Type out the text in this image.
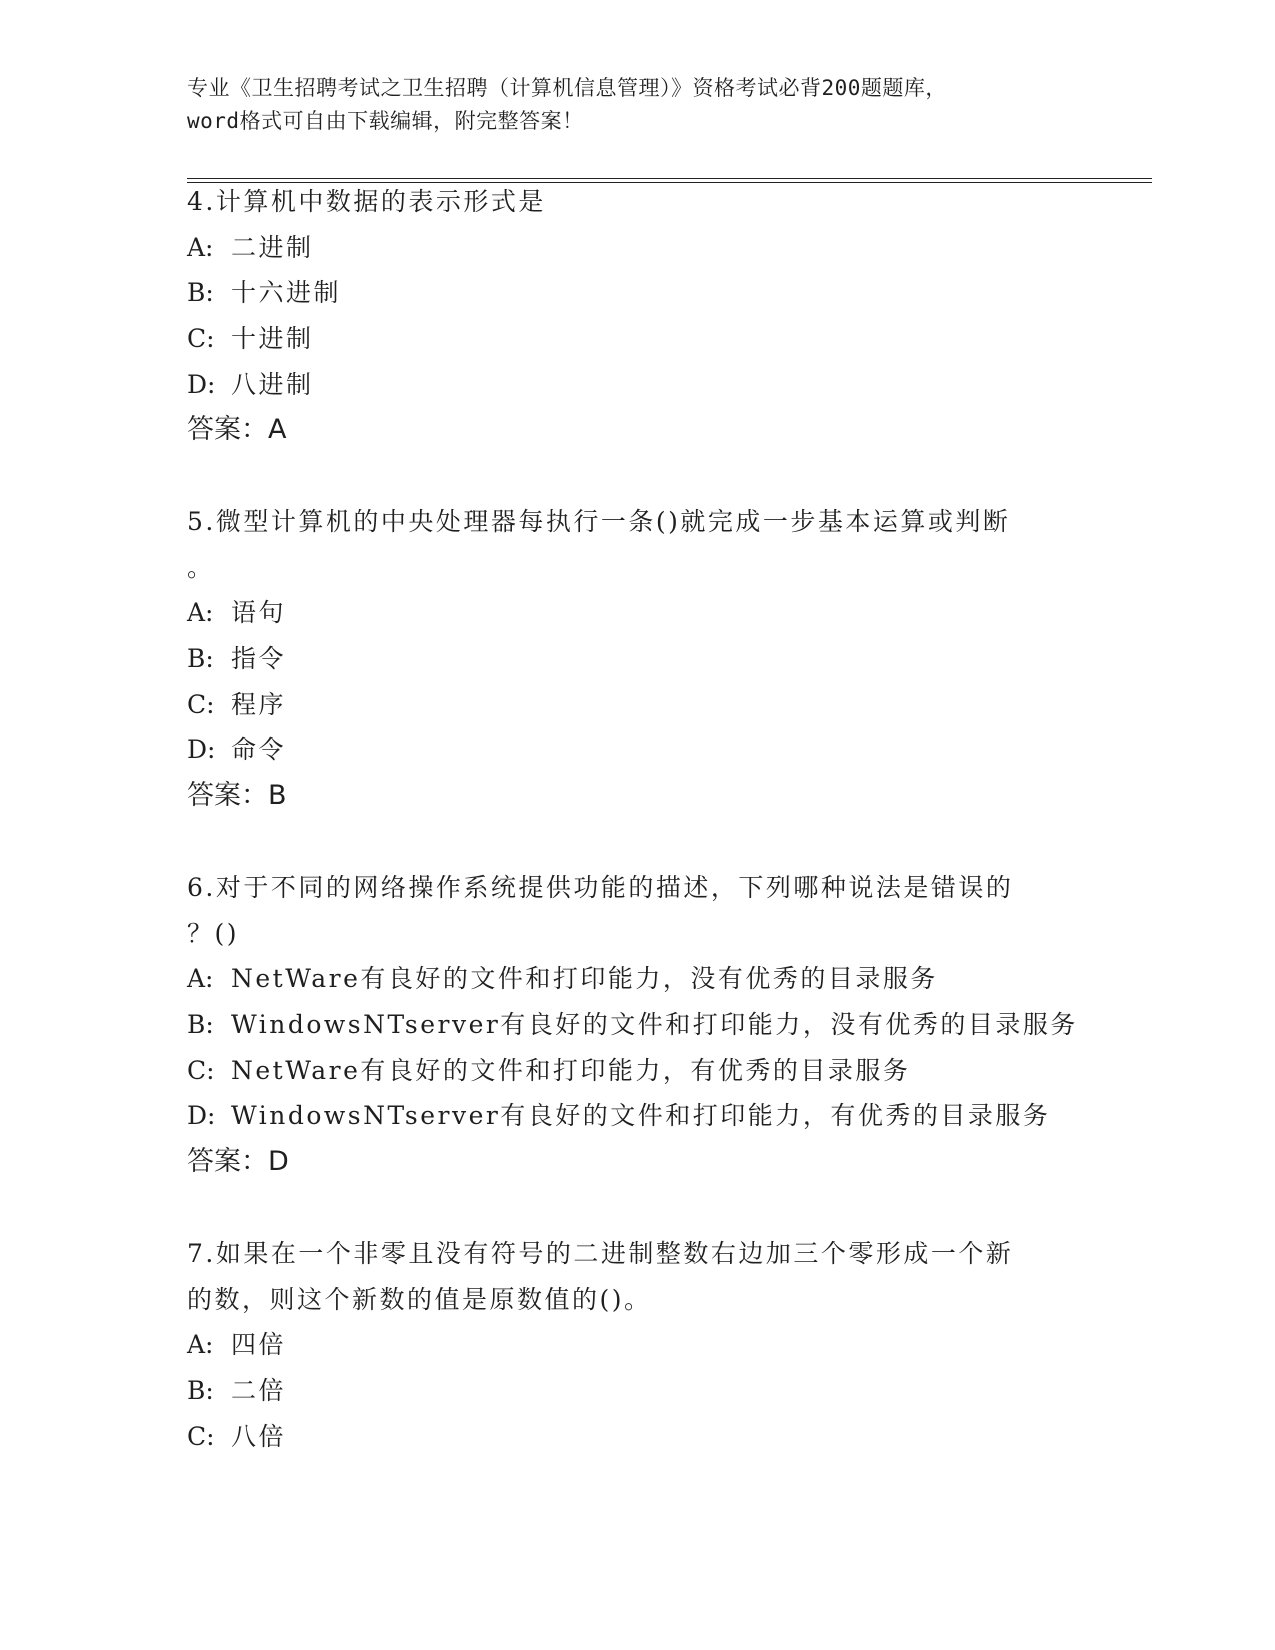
专业《卫生招聘考试之卫生招聘（计算机信息管理）》资格考试必背200题题库，
word格式可自由下载编辑，附完整答案！
4.计算机中数据的表示形式是
A: 二进制
B: 十六进制
C: 十进制
D: 八进制
答案：A
5.微型计算机的中央处理器每执行一条()就完成一步基本运算或判断
。
A: 语句
B: 指令
C: 程序
D: 命令
答案：B
6.对于不同的网络操作系统提供功能的描述，下列哪种说法是错误的
？()
A: NetWare有良好的文件和打印能力，没有优秀的目录服务
B: WindowsNTserver有良好的文件和打印能力，没有优秀的目录服务
C: NetWare有良好的文件和打印能力，有优秀的目录服务
D: WindowsNTserver有良好的文件和打印能力，有优秀的目录服务
答案：D
7.如果在一个非零且没有符号的二进制整数右边加三个零形成一个新
的数，则这个新数的值是原数值的()。
A: 四倍
B: 二倍
C: 八倍
